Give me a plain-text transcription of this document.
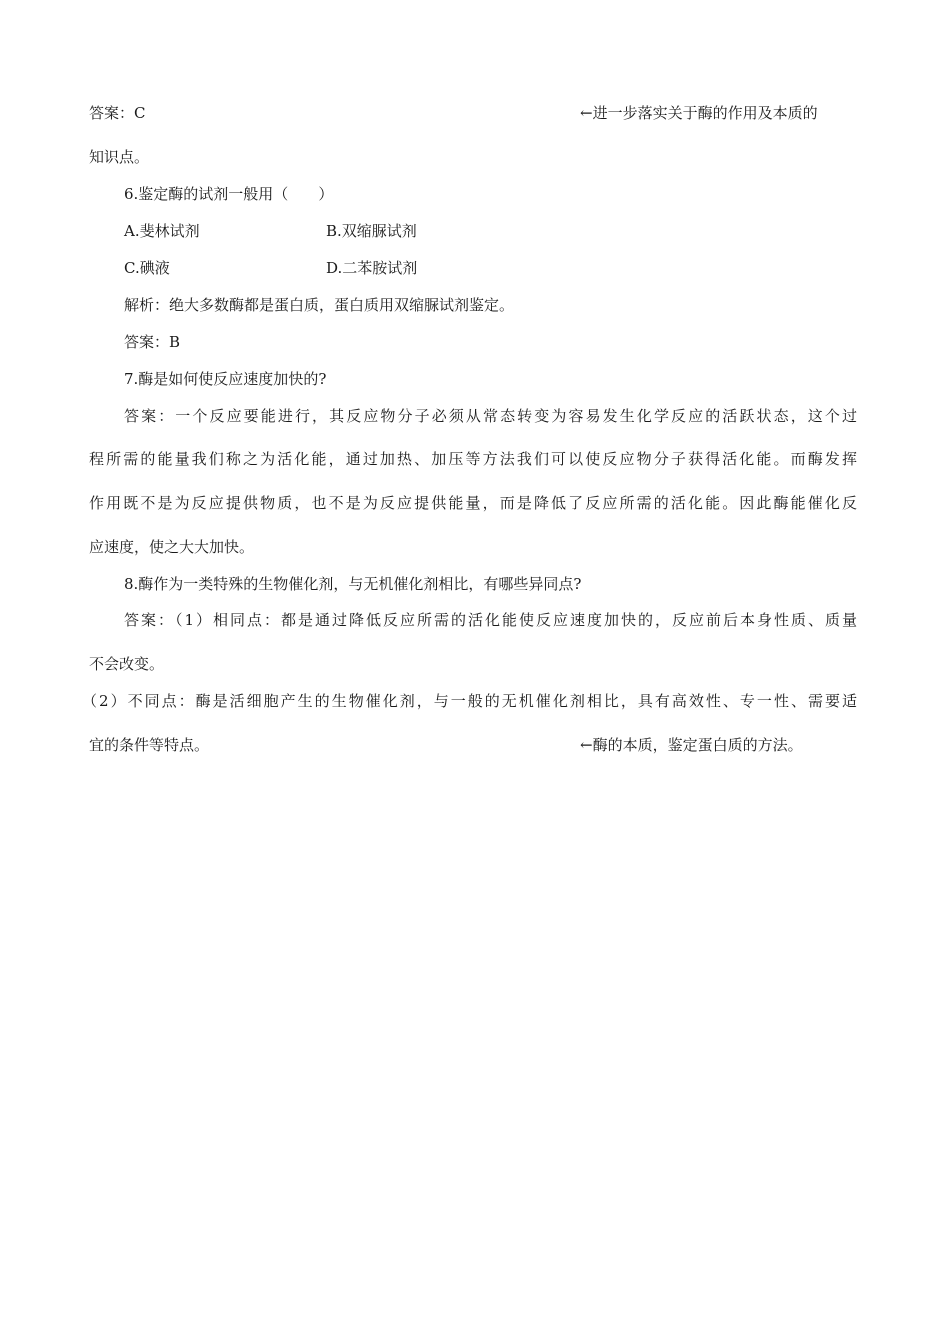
答案：C	←进一步落实关于酶的作用及本质的
知识点。
6.鉴定酶的试剂一般用（　　）
A.斐林试剂	B.双缩脲试剂
C.碘液	D.二苯胺试剂
解析：绝大多数酶都是蛋白质，蛋白质用双缩脲试剂鉴定。
答案：B
7.酶是如何使反应速度加快的?
答案：一个反应要能进行，其反应物分子必须从常态转变为容易发生化学反应的活跃状态，这个过
程所需的能量我们称之为活化能，通过加热、加压等方法我们可以使反应物分子获得活化能。而酶发挥
作用既不是为反应提供物质，也不是为反应提供能量，而是降低了反应所需的活化能。因此酶能催化反
应速度，使之大大加快。
8.酶作为一类特殊的生物催化剂，与无机催化剂相比，有哪些异同点?
答案：（1）相同点：都是通过降低反应所需的活化能使反应速度加快的，反应前后本身性质、质量
不会改变。
（2）不同点：酶是活细胞产生的生物催化剂，与一般的无机催化剂相比，具有高效性、专一性、需要适
宜的条件等特点。	←酶的本质，鉴定蛋白质的方法。
